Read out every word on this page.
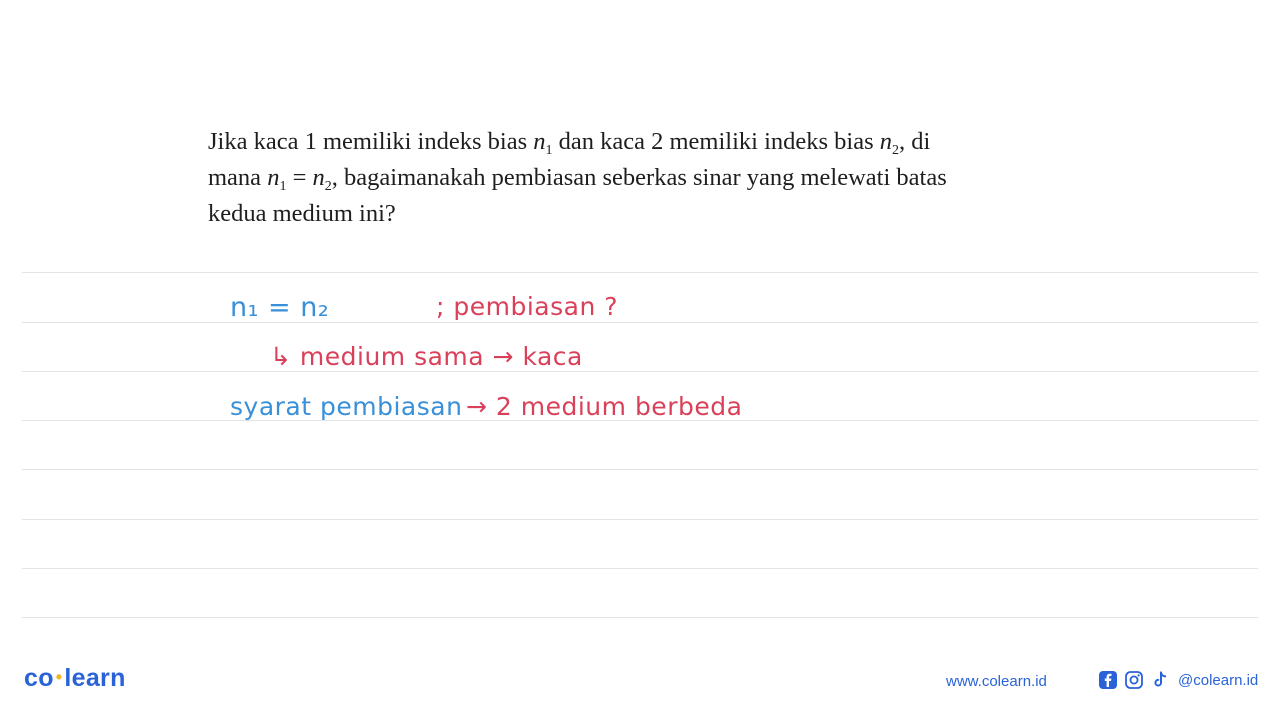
Jika kaca 1 memiliki indeks bias $n_1$ dan kaca 2 memiliki indeks bias $n_2$, di
mana $n_1 = n_2$, bagaimanakah pembiasan seberkas sinar yang melewati batas
kedua medium ini?
n₁ = n₂	; pembiasan ?
↳ medium sama → kaca
syarat pembiasan → 2 medium berbeda
co •learn	www.colearn.id	@colearn.id
